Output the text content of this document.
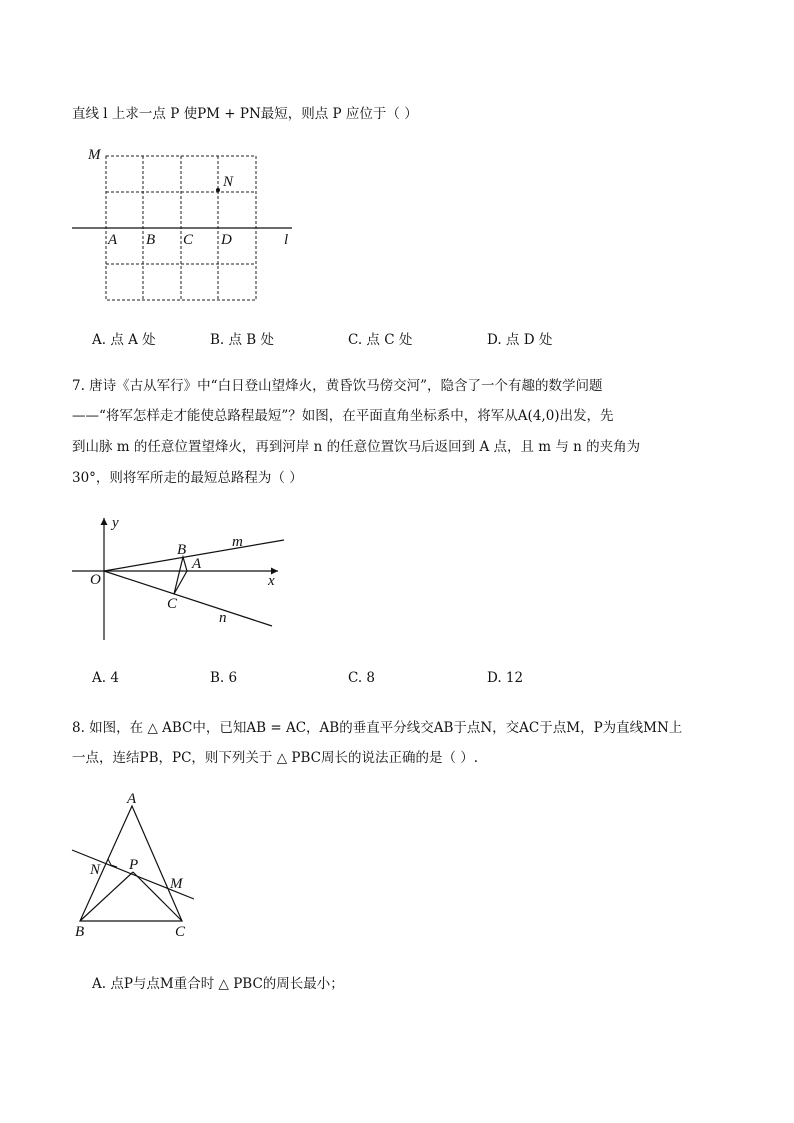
直线 l 上求一点 P 使PM + PN最短，则点 P 应位于（ ）
M
N
A B C D	l
A. 点 A 处	B. 点 B 处	C. 点 C 处	D. 点 D 处
7. 唐诗《古从军行》中“白日登山望烽火，黄昏饮马傍交河”，隐含了一个有趣的数学问题
——“将军怎样走才能使总路程最短”？如图，在平面直角坐标系中，将军从A(4,0)出发，先
到山脉 m 的任意位置望烽火，再到河岸 n 的任意位置饮马后返回到 A 点，且 m 与 n 的夹角为
30°，则将军所走的最短总路程为（ ）
y
x
O
B
A
C
m
n
A. 4	B. 6	C. 8	D. 12
8. 如图，在 △ ABC中，已知AB = AC，AB的垂直平分线交AB于点N，交AC于点M，P为直线MN上
一点，连结PB，PC，则下列关于 △ PBC周长的说法正确的是（ ）.
A
N P
M
B	C
A. 点P与点M重合时 △ PBC的周长最小；
